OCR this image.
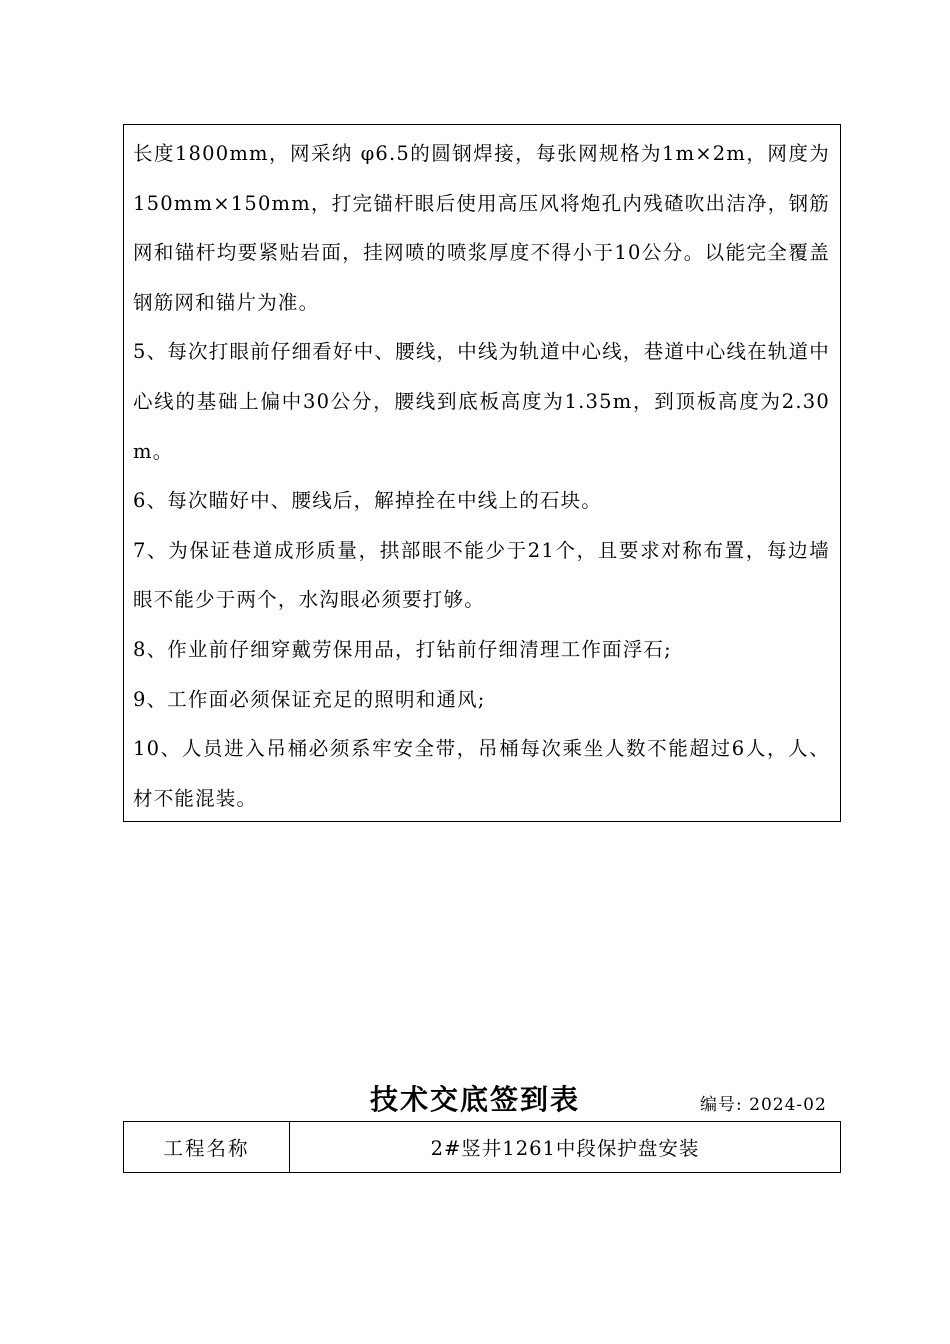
长度1800mm，网采纳 φ6.5的圆钢焊接，每张网规格为1m×2m，网度为150mm×150mm，打完锚杆眼后使用高压风将炮孔内残碴吹出洁净，钢筋网和锚杆均要紧贴岩面，挂网喷的喷浆厚度不得小于10公分。以能完全覆盖钢筋网和锚片为准。

5、每次打眼前仔细看好中、腰线，中线为轨道中心线，巷道中心线在轨道中心线的基础上偏中30公分，腰线到底板高度为1.35m，到顶板高度为2.30m。

6、每次瞄好中、腰线后，解掉拴在中线上的石块。

7、为保证巷道成形质量，拱部眼不能少于21个，且要求对称布置，每边墙眼不能少于两个，水沟眼必须要打够。

8、作业前仔细穿戴劳保用品，打钻前仔细清理工作面浮石;

9、工作面必须保证充足的照明和通风;

10、人员进入吊桶必须系牢安全带，吊桶每次乘坐人数不能超过6人，人、材不能混装。

技术交底签到表	编号: 2024-02
工程名称	2#竖井1261中段保护盘安装
